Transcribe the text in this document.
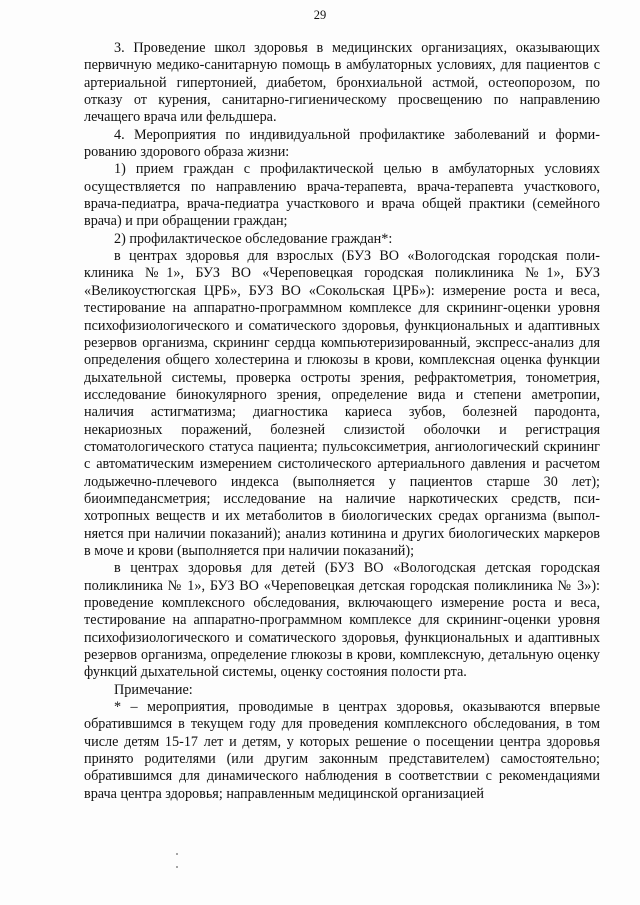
29

3. Проведение школ здоровья в медицинских организациях, оказывающих первичную медико-санитарную помощь в амбулаторных условиях, для пациентов с артериальной гипертонией, диабетом, бронхиальной астмой, остеопорозом, по отказу от курения, санитарно-гигиеническому просвещению по направлению лечащего врача или фельдшера.

4. Мероприятия по индивидуальной профилактике заболеваний и формированию здорового образа жизни:

1) прием граждан с профилактической целью в амбулаторных условиях осуществляется по направлению врача-терапевта, врача-терапевта участкового, врача-педиатра, врача-педиатра участкового и врача общей практики (семейного врача) и при обращении граждан;

2) профилактическое обследование граждан*:

в центрах здоровья для взрослых (БУЗ ВО «Вологодская городская поликлиника №1», БУЗ ВО «Череповецкая городская поликлиника №1», БУЗ «Великоустюгская ЦРБ», БУЗ ВО «Сокольская ЦРБ»): измерение роста и веса, тестирование на аппаратно-программном комплексе для скрининг-оценки уровня психофизиологического и соматического здоровья, функциональных и адаптивных резервов организма, скрининг сердца компьютеризированный, экспресс-анализ для определения общего холестерина и глюкозы в крови, комплексная оценка функции дыхательной системы, проверка остроты зрения, рефрактометрия, тонометрия, исследование бинокулярного зрения, определение вида и степени аметропии, наличия астигматизма; диагностика кариеса зубов, болезней пародонта, некариозных поражений, болезней слизистой оболочки и регистрация стоматологического статуса пациента; пульсоксиметрия, ангиологический скрининг с автоматическим измерением систолического артериального давления и расчетом лодыжечно-плечевого индекса (выполняется у пациентов старше 30 лет); биоимпедансметрия; исследование на наличие наркотических средств, психотропных веществ и их метаболитов в биологических средах организма (выполняется при наличии показаний); анализ котинина и других биологических маркеров в моче и крови (выполняется при наличии показаний);

в центрах здоровья для детей (БУЗ ВО «Вологодская детская городская поликлиника № 1», БУЗ ВО «Череповецкая детская городская поликлиника № 3»): проведение комплексного обследования, включающего измерение роста и веса, тестирование на аппаратно-программном комплексе для скрининг-оценки уровня психофизиологического и соматического здоровья, функциональных и адаптивных резервов организма, определение глюкозы в крови, комплексную, детальную оценку функций дыхательной системы, оценку состояния полости рта.

Примечание:

* – мероприятия, проводимые в центрах здоровья, оказываются впервые обратившимся в текущем году для проведения комплексного обследования, в том числе детям 15-17 лет и детям, у которых решение о посещении центра здоровья принято родителями (или другим законным представителем) самостоятельно; обратившимся для динамического наблюдения в соответствии с рекомендациями врача центра здоровья; направленным медицинской организацией
